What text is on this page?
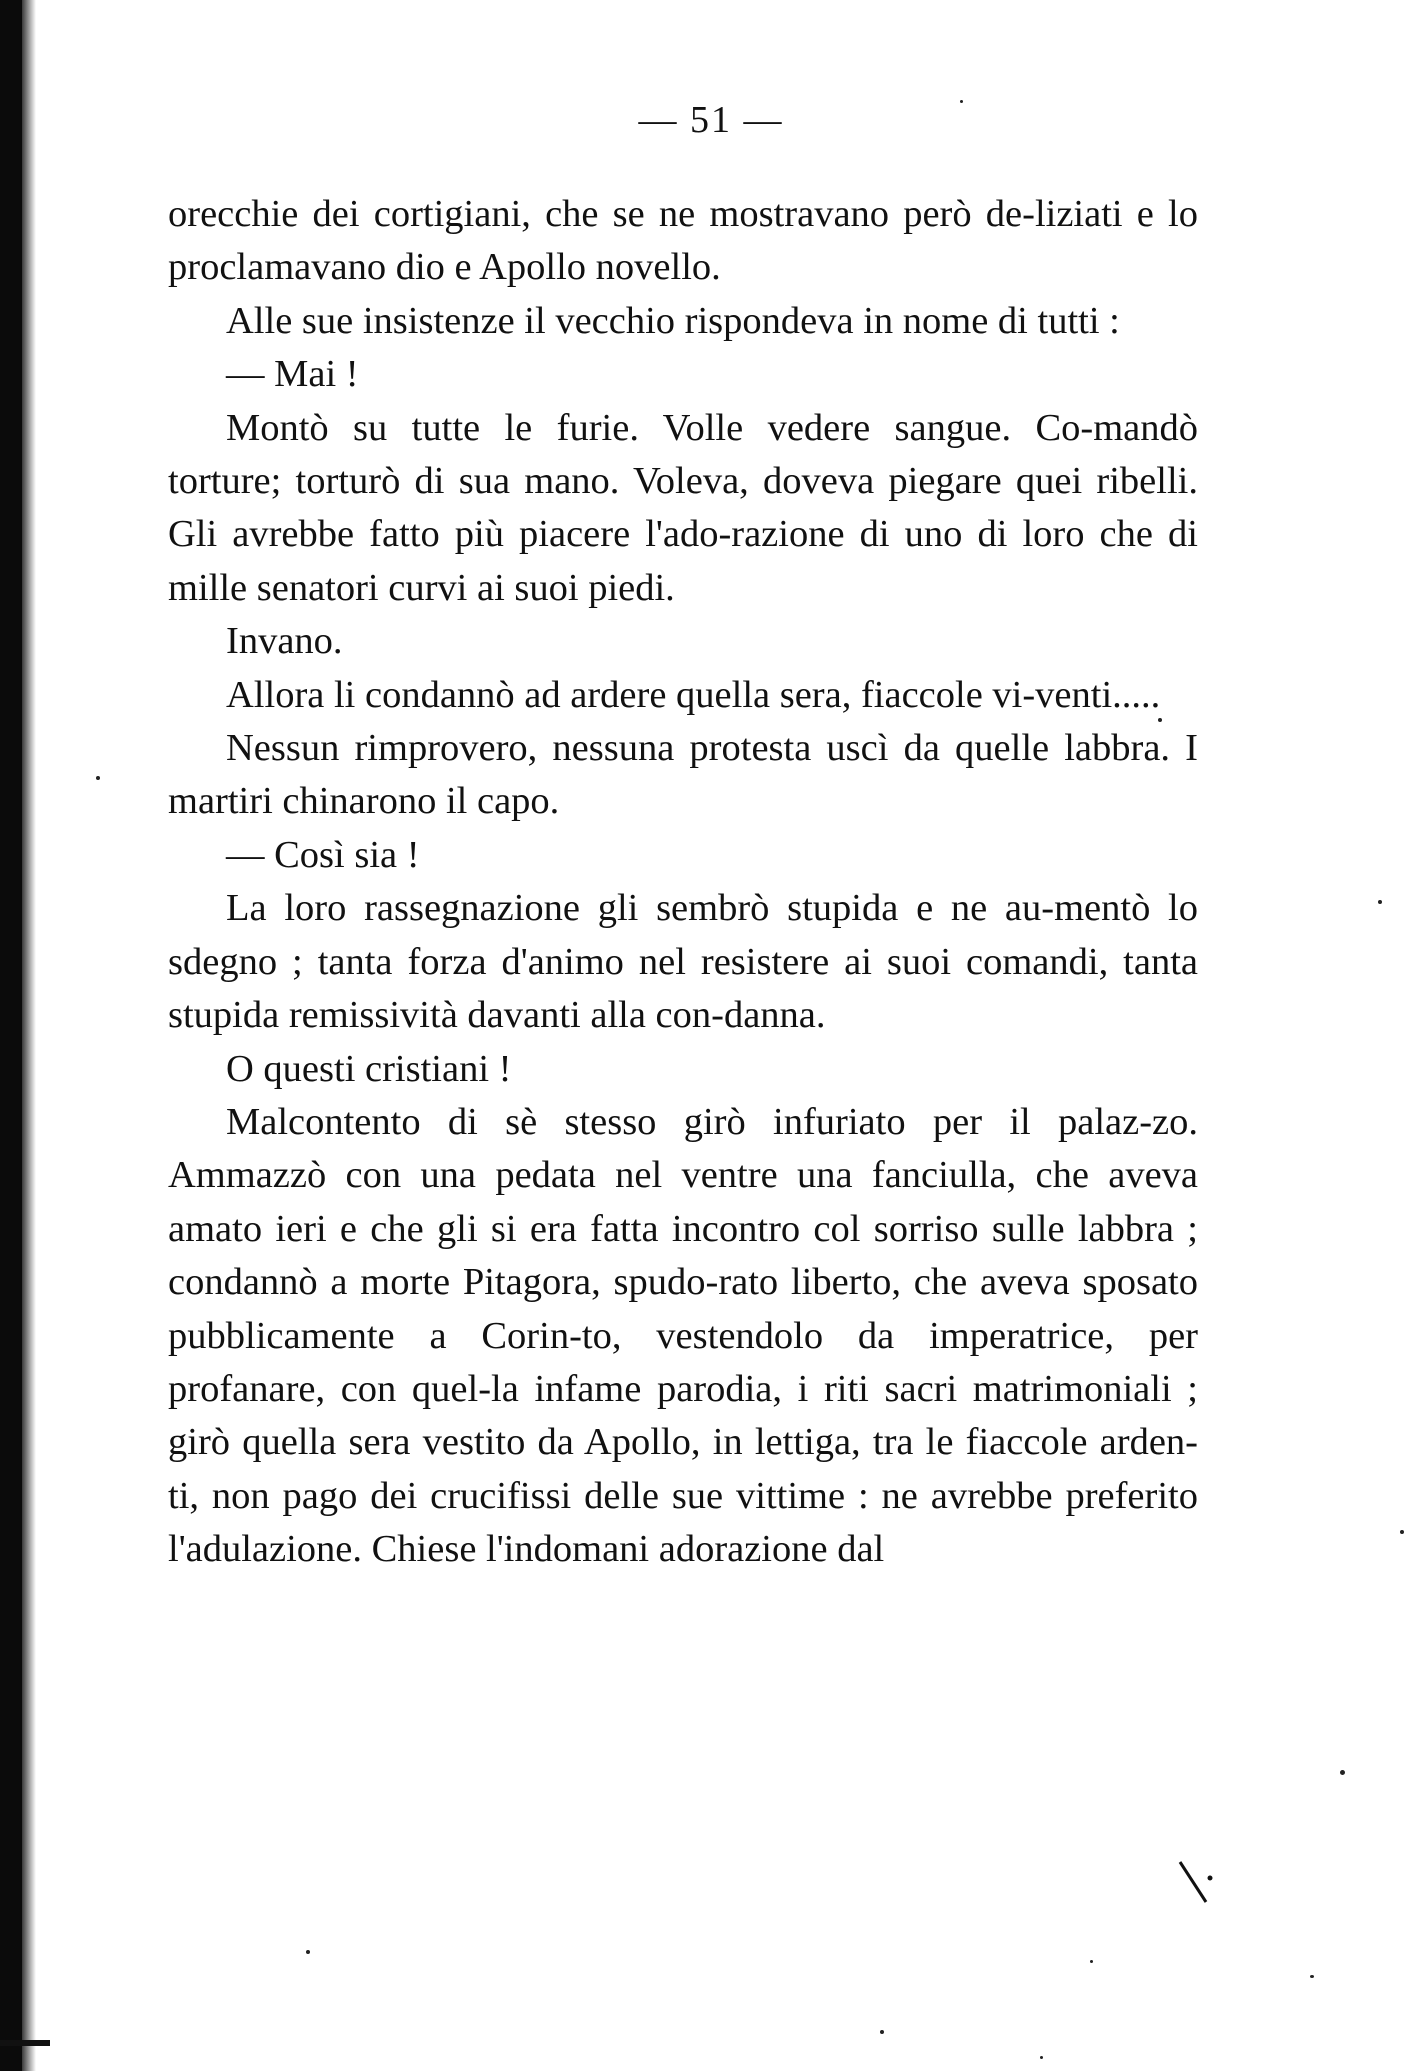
— 51 —

orecchie dei cortigiani, che se ne mostravano però de-liziati e lo proclamavano dio e Apollo novello.

Alle sue insistenze il vecchio rispondeva in nome di tutti :

— Mai !

Montò su tutte le furie. Volle vedere sangue. Co-mandò torture; torturò di sua mano. Voleva, doveva piegare quei ribelli. Gli avrebbe fatto più piacere l'ado-razione di uno di loro che di mille senatori curvi ai suoi piedi.

Invano.

Allora li condannò ad ardere quella sera, fiaccole vi-venti.....

Nessun rimprovero, nessuna protesta uscì da quelle labbra. I martiri chinarono il capo.

— Così sia !

La loro rassegnazione gli sembrò stupida e ne au-mentò lo sdegno ; tanta forza d'animo nel resistere ai suoi comandi, tanta stupida remissività davanti alla con-danna.

O questi cristiani !

Malcontento di sè stesso girò infuriato per il palaz-zo. Ammazzò con una pedata nel ventre una fanciulla, che aveva amato ieri e che gli si era fatta incontro col sorriso sulle labbra ; condannò a morte Pitagora, spudo-rato liberto, che aveva sposato pubblicamente a Corin-to, vestendolo da imperatrice, per profanare, con quel-la infame parodia, i riti sacri matrimoniali ; girò quella sera vestito da Apollo, in lettiga, tra le fiaccole arden-ti, non pago dei crucifissi delle sue vittime : ne avrebbe preferito l'adulazione. Chiese l'indomani adorazione dal
